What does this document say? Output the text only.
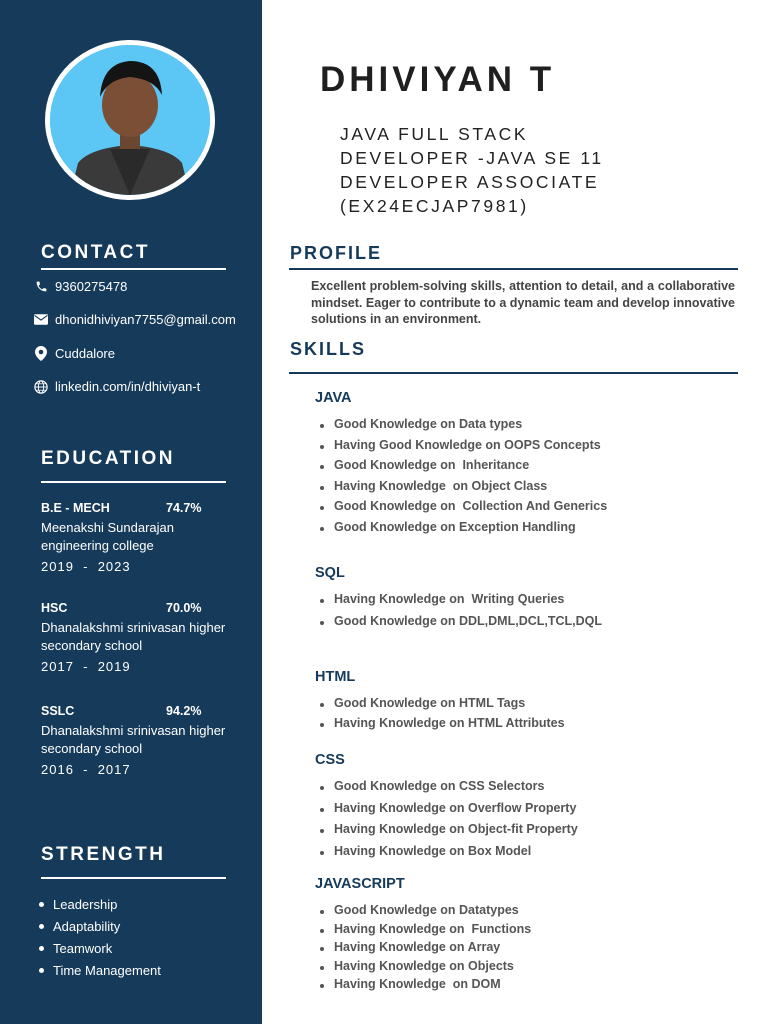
CONTACT
9360275478
dhonidhiviyan7755@gmail.com
Cuddalore
linkedin.com/in/dhiviyan-t
EDUCATION
B.E - MECH	74.7%
Meenakshi Sundarajan
engineering college
2019  -  2023
HSC	70.0%
Dhanalakshmi srinivasan higher
secondary school
2017  -  2019
SSLC	94.2%
Dhanalakshmi srinivasan higher
secondary school
2016  -  2017
STRENGTH
Leadership
Adaptability
Teamwork
Time Management
DHIVIYAN T
JAVA FULL STACK
DEVELOPER -JAVA SE 11
DEVELOPER ASSOCIATE
(EX24ECJAP7981)
PROFILE

Excellent problem-solving skills, attention to detail, and a collaborative mindset. Eager to contribute to a dynamic team and develop innovative solutions in an environment.

SKILLS
JAVA
Good Knowledge on Data types
Having Good Knowledge on OOPS Concepts
Good Knowledge on  Inheritance
Having Knowledge  on Object Class
Good Knowledge on  Collection And Generics
Good Knowledge on Exception Handling
SQL
Having Knowledge on  Writing Queries
Good Knowledge on DDL,DML,DCL,TCL,DQL
HTML
Good Knowledge on HTML Tags
Having Knowledge on HTML Attributes
CSS
Good Knowledge on CSS Selectors
Having Knowledge on Overflow Property
Having Knowledge on Object-fit Property
Having Knowledge on Box Model
JAVASCRIPT
Good Knowledge on Datatypes
Having Knowledge on  Functions
Having Knowledge on Array
Having Knowledge on Objects
Having Knowledge  on DOM
